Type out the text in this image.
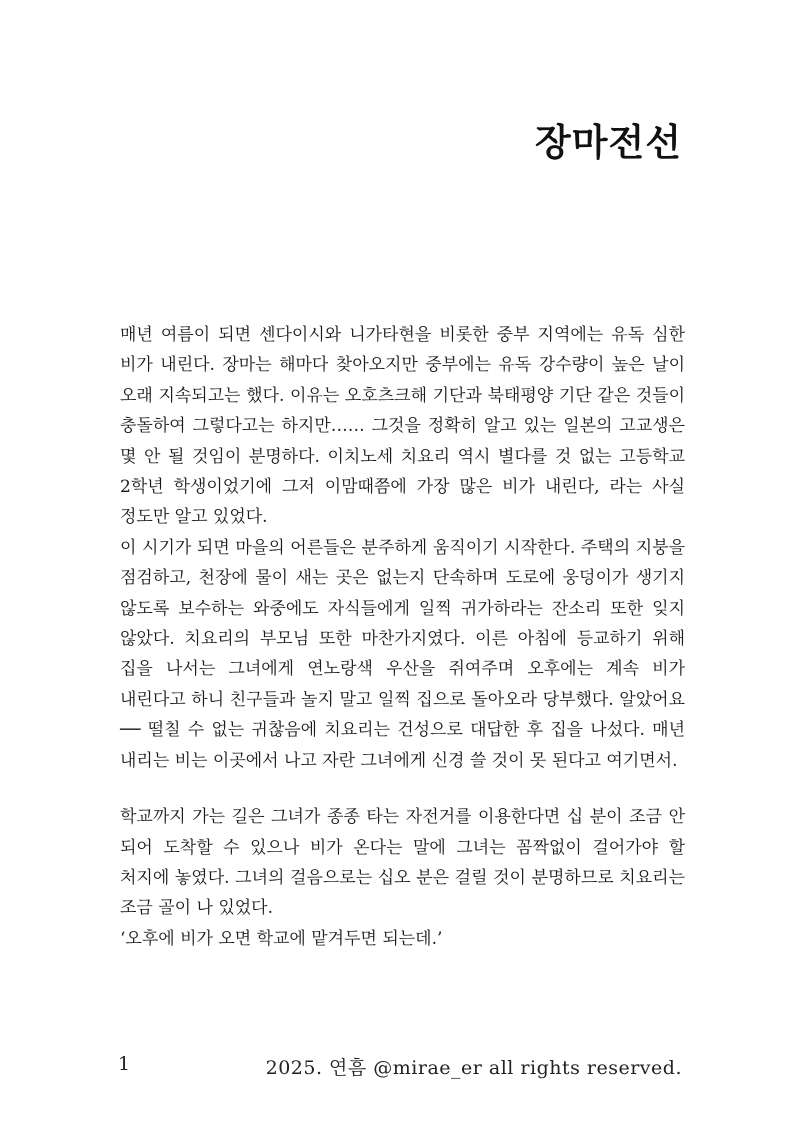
장마전선

매년 여름이 되면 센다이시와 니가타현을 비롯한 중부 지역에는 유독 심한 비가 내린다. 장마는 해마다 찾아오지만 중부에는 유독 강수량이 높은 날이 오래 지속되고는 했다. 이유는 오호츠크해 기단과 북태평양 기단 같은 것들이 충돌하여 그렇다고는 하지만…… 그것을 정확히 알고 있는 일본의 고교생은 몇 안 될 것임이 분명하다. 이치노세 치요리 역시 별다를 것 없는 고등학교 2학년 학생이었기에 그저 이맘때쯤에 가장 많은 비가 내린다, 라는 사실 정도만 알고 있었다.

이 시기가 되면 마을의 어른들은 분주하게 움직이기 시작한다. 주택의 지붕을 점검하고, 천장에 물이 새는 곳은 없는지 단속하며 도로에 웅덩이가 생기지 않도록 보수하는 와중에도 자식들에게 일찍 귀가하라는 잔소리 또한 잊지 않았다. 치요리의 부모님 또한 마찬가지였다. 이른 아침에 등교하기 위해 집을 나서는 그녀에게 연노랑색 우산을 쥐여주며 오후에는 계속 비가 내린다고 하니 친구들과 놀지 말고 일찍 집으로 돌아오라 당부했다. 알았어요── 떨칠 수 없는 귀찮음에 치요리는 건성으로 대답한 후 집을 나섰다. 매년 내리는 비는 이곳에서 나고 자란 그녀에게 신경 쓸 것이 못 된다고 여기면서.

학교까지 가는 길은 그녀가 종종 타는 자전거를 이용한다면 십 분이 조금 안 되어 도착할 수 있으나 비가 온다는 말에 그녀는 꼼짝없이 걸어가야 할 처지에 놓였다. 그녀의 걸음으로는 십오 분은 걸릴 것이 분명하므로 치요리는 조금 골이 나 있었다.

‘오후에 비가 오면 학교에 맡겨두면 되는데.’

1	2025. 연흠 @mirae_er all rights reserved.
